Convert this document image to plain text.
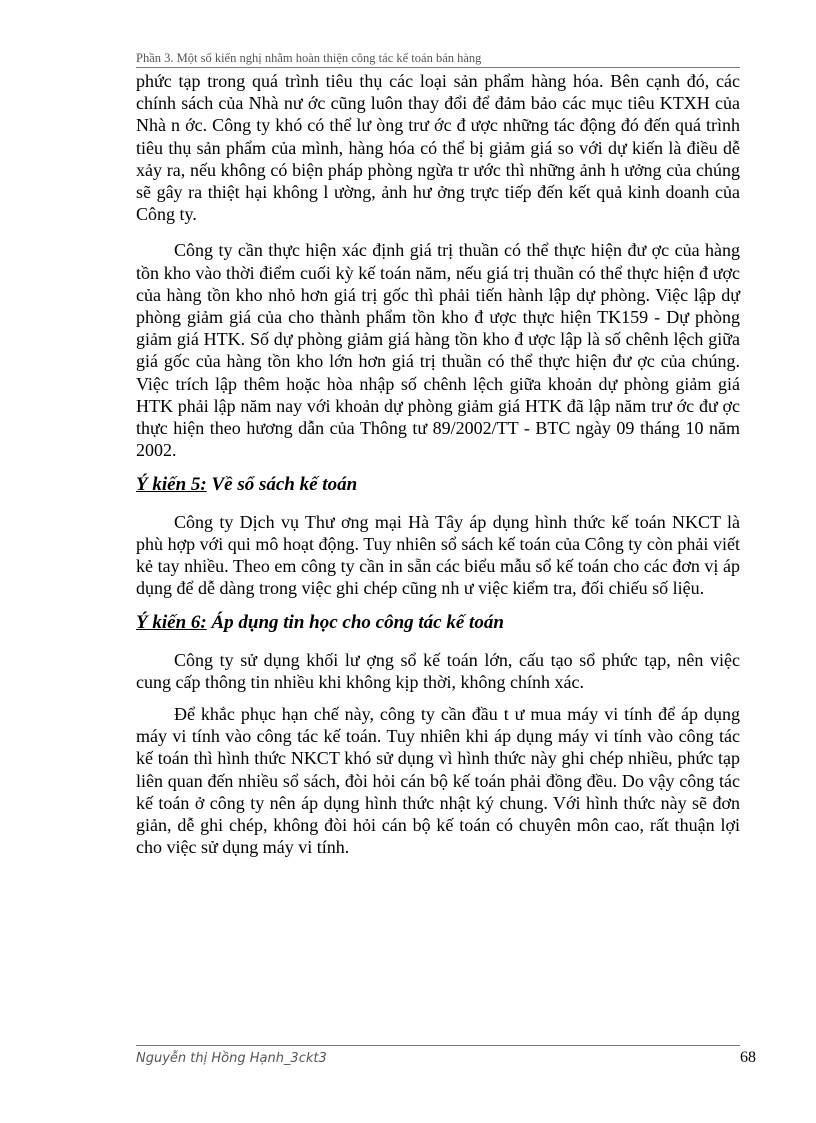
Phần 3. Một số kiến nghị nhằm hoàn thiện công tác kế toán bán hàng

phức tạp trong quá trình tiêu thụ các loại sản phẩm hàng hóa. Bên cạnh đó, các chính sách của Nhà nư ớc cũng luôn thay đổi để đảm bảo các mục tiêu KTXH của Nhà n ớc. Công ty khó có thể lư òng trư ớc đ ược những tác động đó đến quá trình tiêu thụ sản phẩm của mình, hàng hóa có thể bị giảm giá so với dự kiến là điều dễ xảy ra, nếu không có biện pháp phòng ngừa tr ước thì những ảnh h ưởng của chúng sẽ gây ra thiệt hại không l ường, ảnh hư ởng trực tiếp đến kết quả kinh doanh của Công ty.

Công ty cần thực hiện xác định giá trị thuần có thể thực hiện đư ợc của hàng tồn kho vào thời điểm cuối kỳ kế toán năm, nếu giá trị thuần có thể thực hiện đ ược của hàng tồn kho nhỏ hơn giá trị gốc thì phải tiến hành lập dự phòng. Việc lập dự phòng giảm giá của cho thành phẩm tồn kho đ ược thực hiện TK159 - Dự phòng giảm giá HTK. Số dự phòng giảm giá hàng tồn kho đ ược lập là số chênh lệch giữa giá gốc của hàng tồn kho lớn hơn giá trị thuần có thể thực hiện đư ợc của chúng. Việc trích lập thêm hoặc hòa nhập số chênh lệch giữa khoản dự phòng giảm giá HTK phải lập năm nay với khoản dự phòng giảm giá HTK đã lập năm trư ớc đư ợc thực hiện theo hương dẫn của Thông tư 89/2002/TT - BTC ngày 09 tháng 10 năm 2002.

Ý kiến 5: Về sổ sách kế toán

Công ty Dịch vụ Thư ơng mại Hà Tây áp dụng hình thức kế toán NKCT là phù hợp với qui mô hoạt động. Tuy nhiên sổ sách kế toán của Công ty còn phải viết kẻ tay nhiều. Theo em công ty cần in sẵn các biểu mẫu sổ kế toán cho các đơn vị áp dụng để dễ dàng trong việc ghi chép cũng nh ư việc kiểm tra, đối chiếu số liệu.

Ý kiến 6: Áp dụng tin học cho công tác kế toán

Công ty sử dụng khối lư ợng sổ kế toán lớn, cấu tạo sổ phức tạp, nên việc cung cấp thông tin nhiều khi không kịp thời, không chính xác.

Để khắc phục hạn chế này, công ty cần đầu t ư mua máy vi tính để áp dụng máy vi tính vào công tác kế toán. Tuy nhiên khi áp dụng máy vi tính vào công tác kế toán thì hình thức NKCT khó sử dụng vì hình thức này ghi chép nhiều, phức tạp liên quan đến nhiều sổ sách, đòi hỏi cán bộ kế toán phải đồng đều. Do vậy công tác kế toán ở công ty nên áp dụng hình thức nhật ký chung. Với hình thức này sẽ đơn giản, dễ ghi chép, không đòi hỏi cán bộ kế toán có chuyên môn cao, rất thuận lợi cho việc sử dụng máy vi tính.

Nguyễn thị Hồng Hạnh_3ckt3	68
